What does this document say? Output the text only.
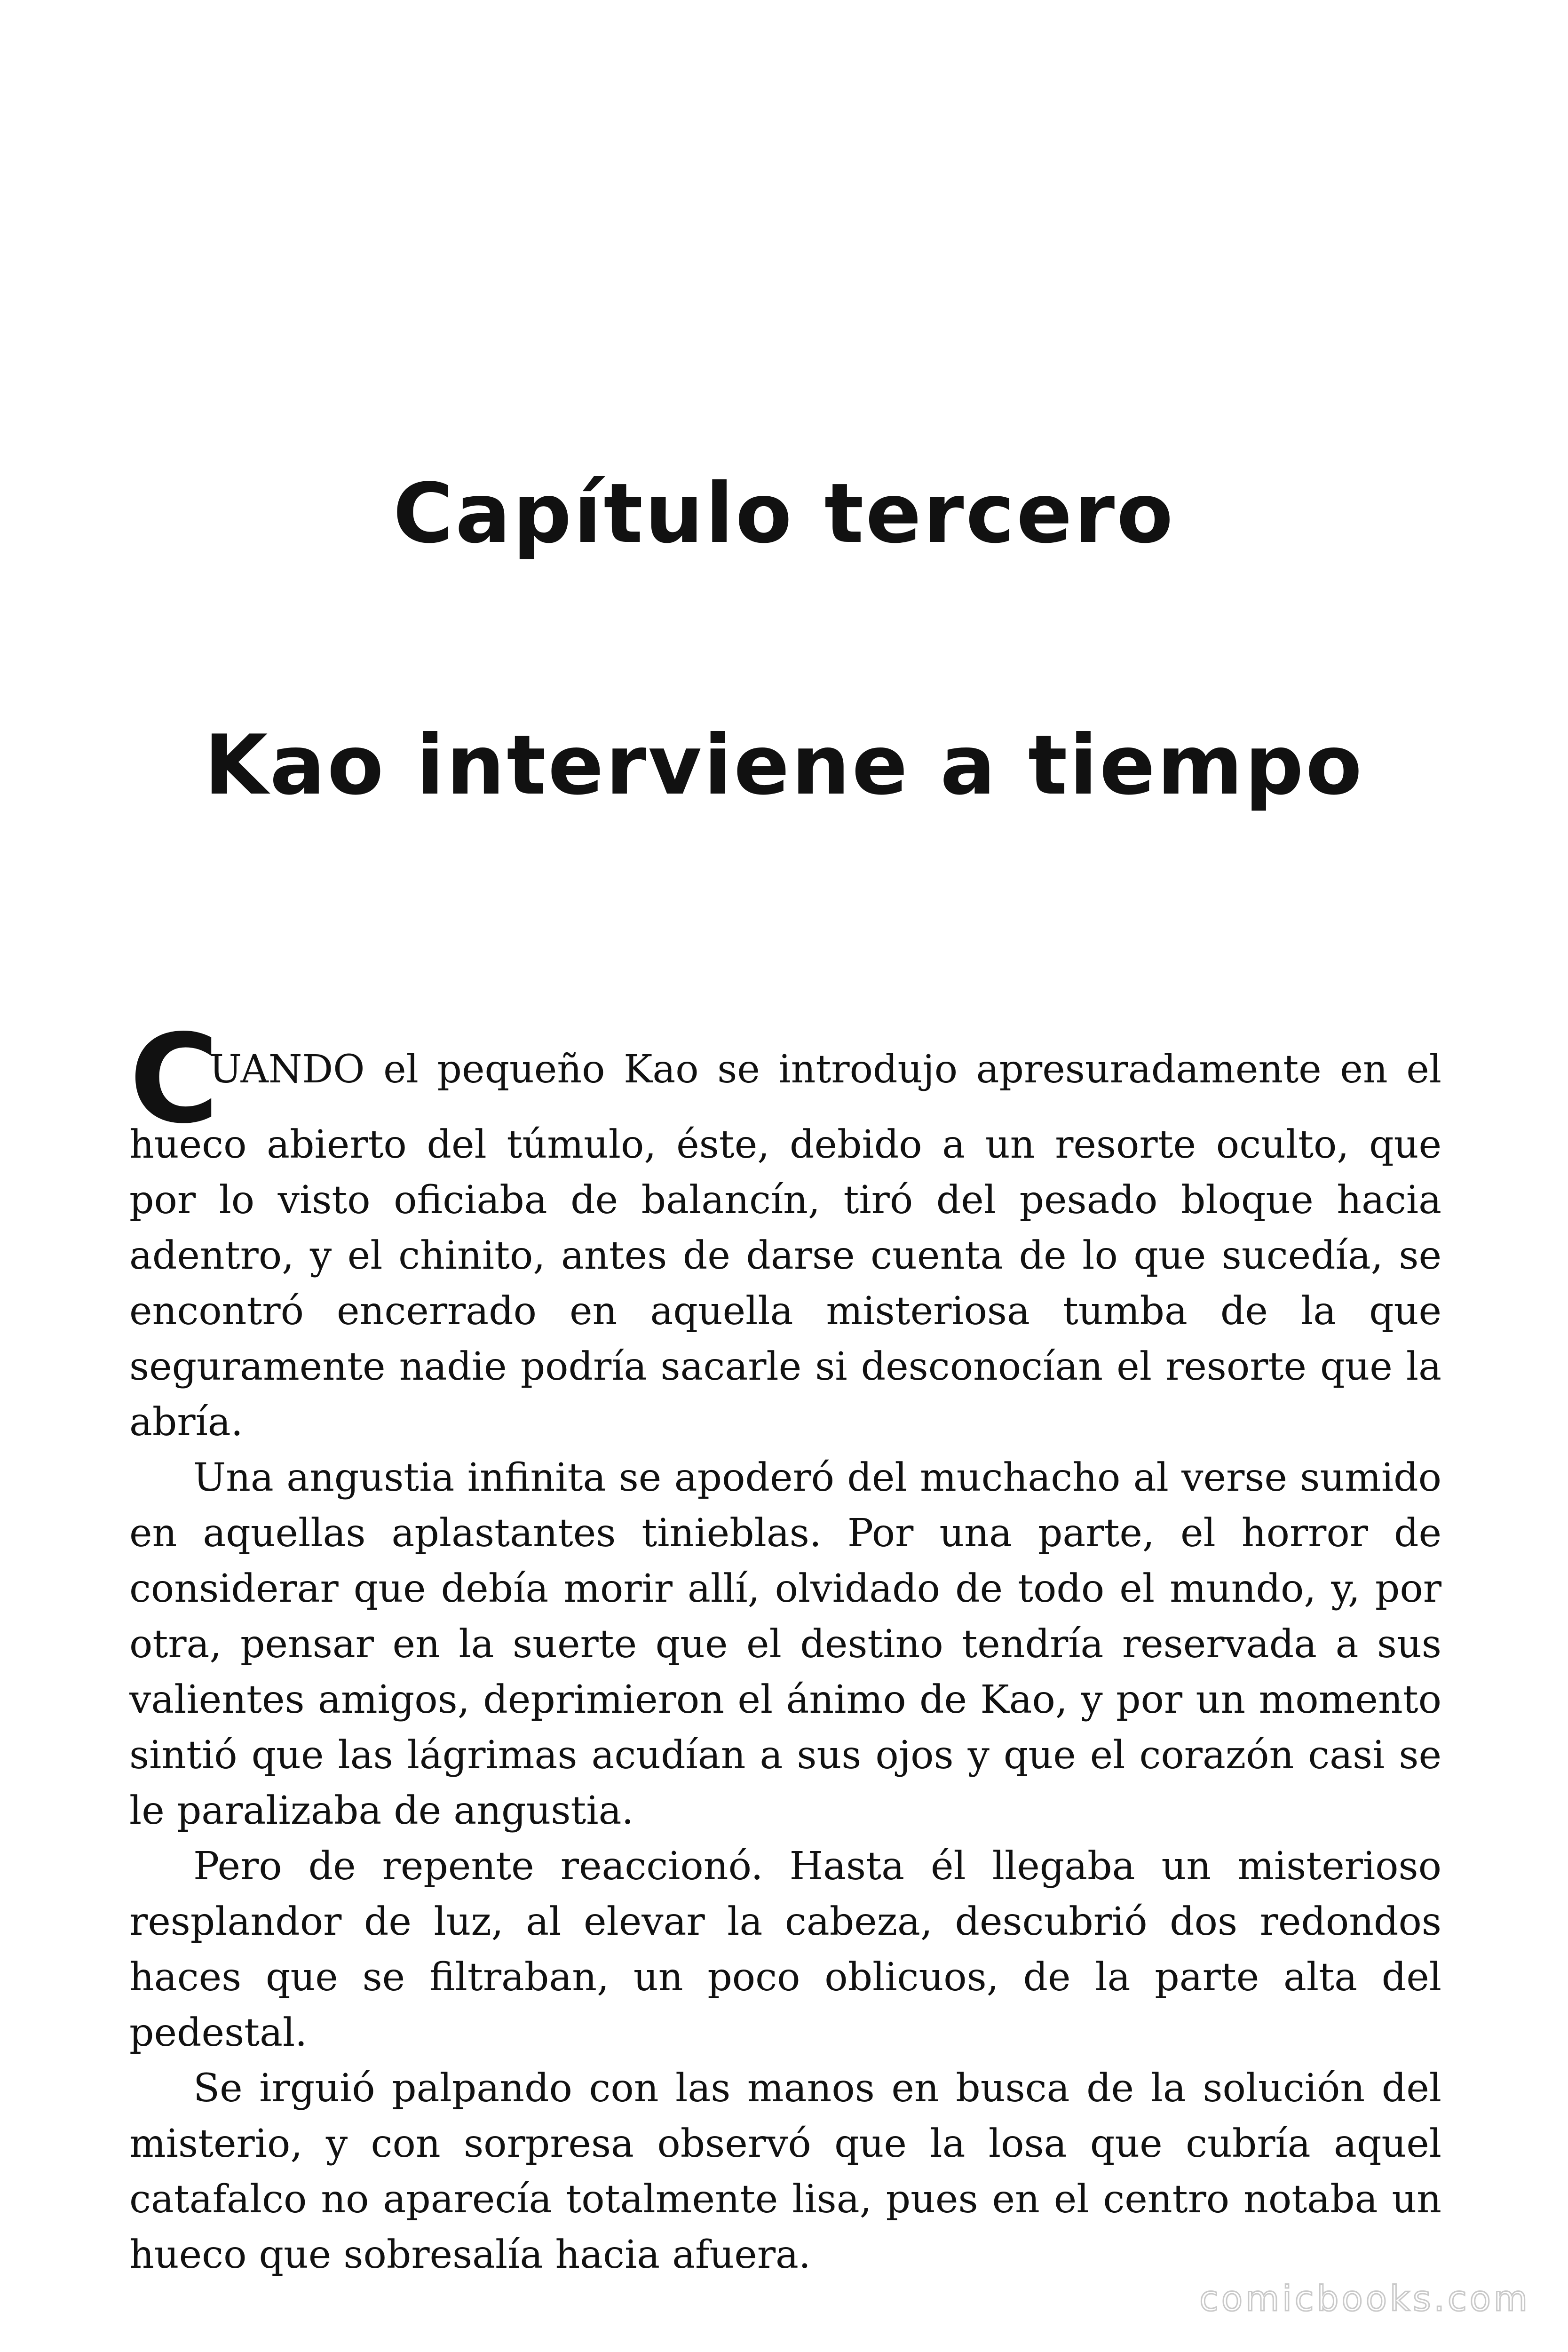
Capítulo tercero
Kao interviene a tiempo

C
UANDO el pequeño Kao se introdujo apresuradamente en el
hueco abierto del túmulo, éste, debido a un resorte oculto, que por lo visto oficiaba de balancín, tiró del pesado bloque hacia adentro, y el chinito, antes de darse cuenta de lo que sucedía, se encontró encerrado en aquella misteriosa tumba de la que seguramente nadie podría sacarle si desconocían el resorte que la abría.

Una angustia infinita se apoderó del muchacho al verse sumido en aquellas aplastantes tinieblas. Por una parte, el horror de considerar que debía morir allí, olvidado de todo el mundo, y, por otra, pensar en la suerte que el destino tendría reservada a sus valientes amigos, deprimieron el ánimo de Kao, y por un momento sintió que las lágrimas acudían a sus ojos y que el corazón casi se le paralizaba de angustia.

Pero de repente reaccionó. Hasta él llegaba un misterioso resplandor de luz, al elevar la cabeza, descubrió dos redondos haces que se filtraban, un poco oblicuos, de la parte alta del pedestal.

Se irguió palpando con las manos en busca de la solución del misterio, y con sorpresa observó que la losa que cubría aquel catafalco no aparecía totalmente lisa, pues en el centro notaba un hueco que sobresalía hacia afuera.

comicbooks.com
